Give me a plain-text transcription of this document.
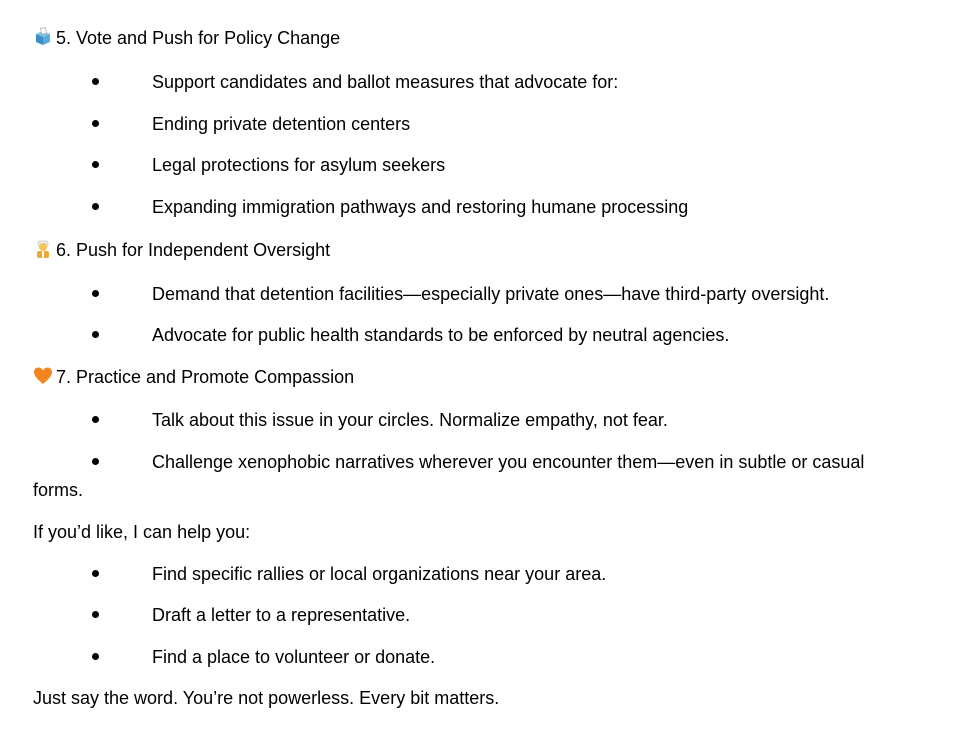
5. Vote and Push for Policy Change
Support candidates and ballot measures that advocate for:
Ending private detention centers
Legal protections for asylum seekers
Expanding immigration pathways and restoring humane processing
6. Push for Independent Oversight
Demand that detention facilities—especially private ones—have third-party oversight.
Advocate for public health standards to be enforced by neutral agencies.
7. Practice and Promote Compassion
Talk about this issue in your circles. Normalize empathy, not fear.
Challenge xenophobic narratives wherever you encounter them—even in subtle or casual
forms.
If you’d like, I can help you:
Find specific rallies or local organizations near your area.
Draft a letter to a representative.
Find a place to volunteer or donate.
Just say the word. You’re not powerless. Every bit matters.
